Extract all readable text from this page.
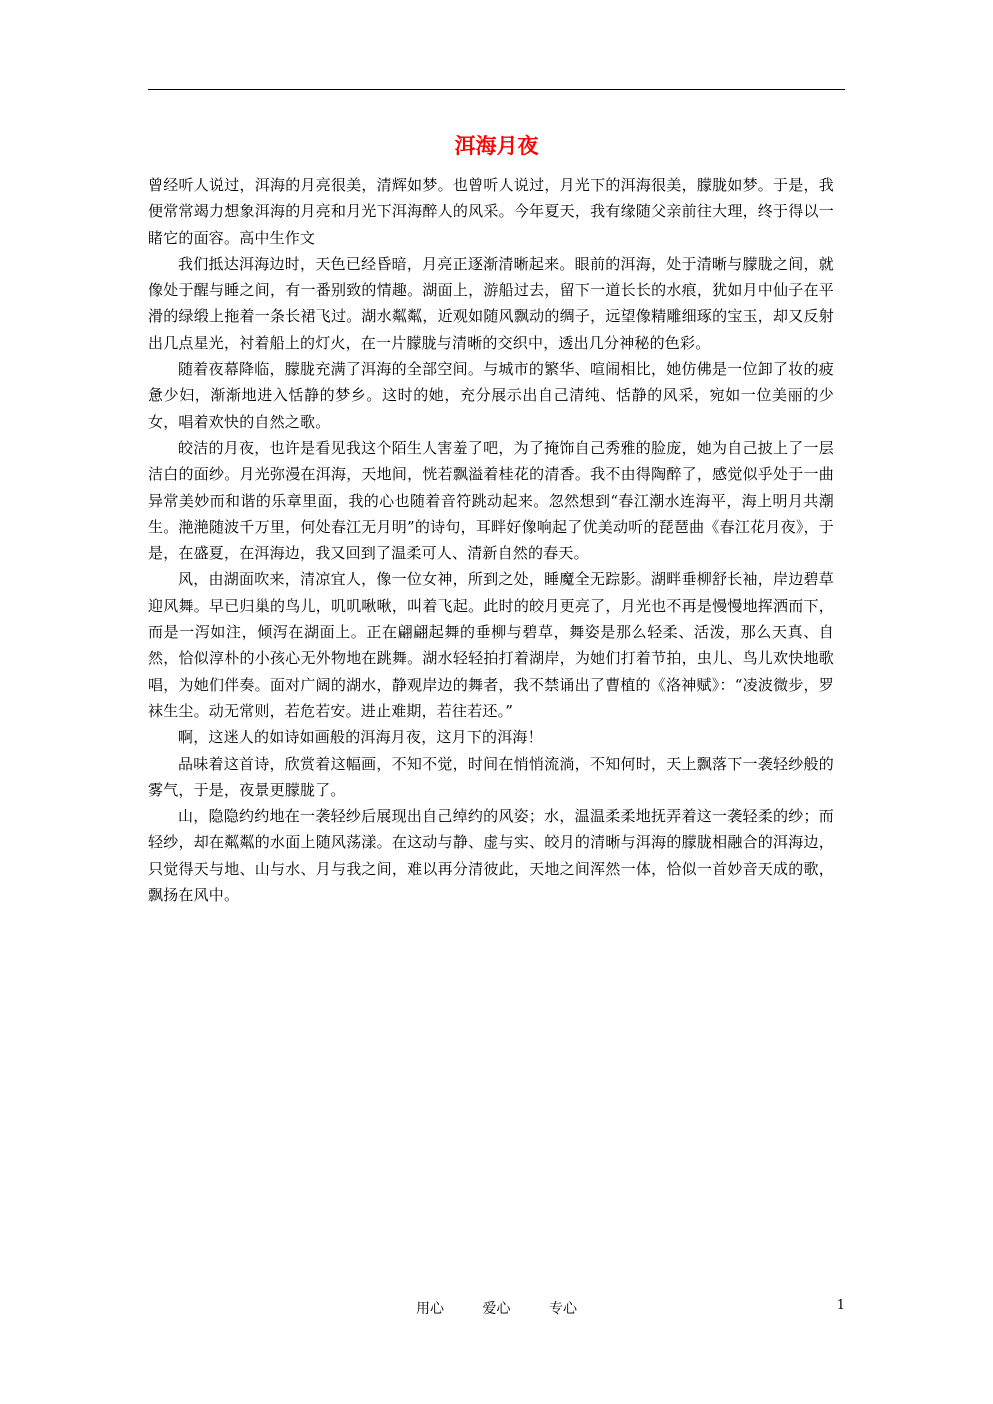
洱海月夜

曾经听人说过，洱海的月亮很美，清辉如梦。也曾听人说过，月光下的洱海很美，朦胧如梦。于是，我便常常竭力想象洱海的月亮和月光下洱海醉人的风采。今年夏天，我有缘随父亲前往大理，终于得以一睹它的面容。高中生作文

我们抵达洱海边时，天色已经昏暗，月亮正逐渐清晰起来。眼前的洱海，处于清晰与朦胧之间，就像处于醒与睡之间，有一番别致的情趣。湖面上，游船过去，留下一道长长的水痕，犹如月中仙子在平滑的绿缎上拖着一条长裙飞过。湖水粼粼，近观如随风飘动的绸子，远望像精雕细琢的宝玉，却又反射出几点星光，衬着船上的灯火，在一片朦胧与清晰的交织中，透出几分神秘的色彩。

随着夜幕降临，朦胧充满了洱海的全部空间。与城市的繁华、喧闹相比，她仿佛是一位卸了妆的疲惫少妇，渐渐地进入恬静的梦乡。这时的她，充分展示出自己清纯、恬静的风采，宛如一位美丽的少女，唱着欢快的自然之歌。

皎洁的月夜，也许是看见我这个陌生人害羞了吧，为了掩饰自己秀雅的脸庞，她为自己披上了一层洁白的面纱。月光弥漫在洱海，天地间，恍若飘溢着桂花的清香。我不由得陶醉了，感觉似乎处于一曲异常美妙而和谐的乐章里面，我的心也随着音符跳动起来。忽然想到“春江潮水连海平，海上明月共潮生。滟滟随波千万里，何处春江无月明”的诗句，耳畔好像响起了优美动听的琵琶曲《春江花月夜》，于是，在盛夏，在洱海边，我又回到了温柔可人、清新自然的春天。

风，由湖面吹来，清凉宜人，像一位女神，所到之处，睡魔全无踪影。湖畔垂柳舒长袖，岸边碧草迎风舞。早已归巢的鸟儿，叽叽啾啾，叫着飞起。此时的皎月更亮了，月光也不再是慢慢地挥洒而下，而是一泻如注，倾泻在湖面上。正在翩翩起舞的垂柳与碧草，舞姿是那么轻柔、活泼，那么天真、自然，恰似淳朴的小孩心无外物地在跳舞。湖水轻轻拍打着湖岸，为她们打着节拍，虫儿、鸟儿欢快地歌唱，为她们伴奏。面对广阔的湖水，静观岸边的舞者，我不禁诵出了曹植的《洛神赋》：“凌波微步，罗袜生尘。动无常则，若危若安。进止难期，若往若还。”

啊，这迷人的如诗如画般的洱海月夜，这月下的洱海！

品味着这首诗，欣赏着这幅画，不知不觉，时间在悄悄流淌，不知何时，天上飘落下一袭轻纱般的雾气，于是，夜景更朦胧了。

山，隐隐约约地在一袭轻纱后展现出自己绰约的风姿；水，温温柔柔地抚弄着这一袭轻柔的纱；而轻纱，却在粼粼的水面上随风荡漾。在这动与静、虚与实、皎月的清晰与洱海的朦胧相融合的洱海边，只觉得天与地、山与水、月与我之间，难以再分清彼此，天地之间浑然一体，恰似一首妙音天成的歌，飘扬在风中。

用心	爱心	专心	1
